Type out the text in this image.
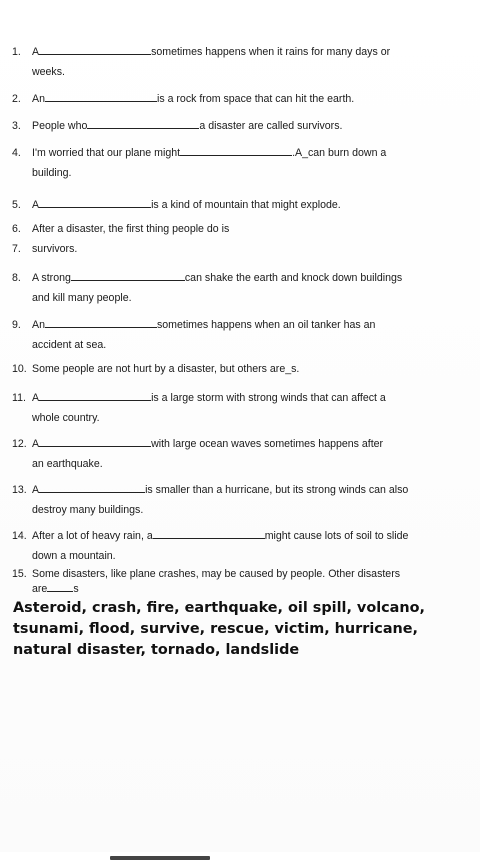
1. A	sometimes happens when it rains for many days or
weeks.
2. An	is a rock from space that can hit the earth.
3. People who	a disaster are called survivors.
4. I'm worried that our plane might	.A_can burn down a
building.
5. A	is a kind of mountain that might explode.
6. After a disaster, the first thing people do is
7. survivors.
8. A strong	can shake the earth and knock down buildings
and kill many people.
9. An	sometimes happens when an oil tanker has an
accident at sea.
10. Some people are not hurt by a disaster, but others are_s.
11. A	is a large storm with strong winds that can affect a
whole country.
12. A	with large ocean waves sometimes happens after
an earthquake.
13. A	is smaller than a hurricane, but its strong winds can also
destroy many buildings.
14. After a lot of heavy rain, a	might cause lots of soil to slide
down a mountain.
15. Some disasters, like plane crashes, may be caused by people. Other disasters
are s
Asteroid, crash, fire, earthquake, oil spill, volcano,
tsunami, flood, survive, rescue, victim, hurricane,
natural disaster, tornado, landslide
